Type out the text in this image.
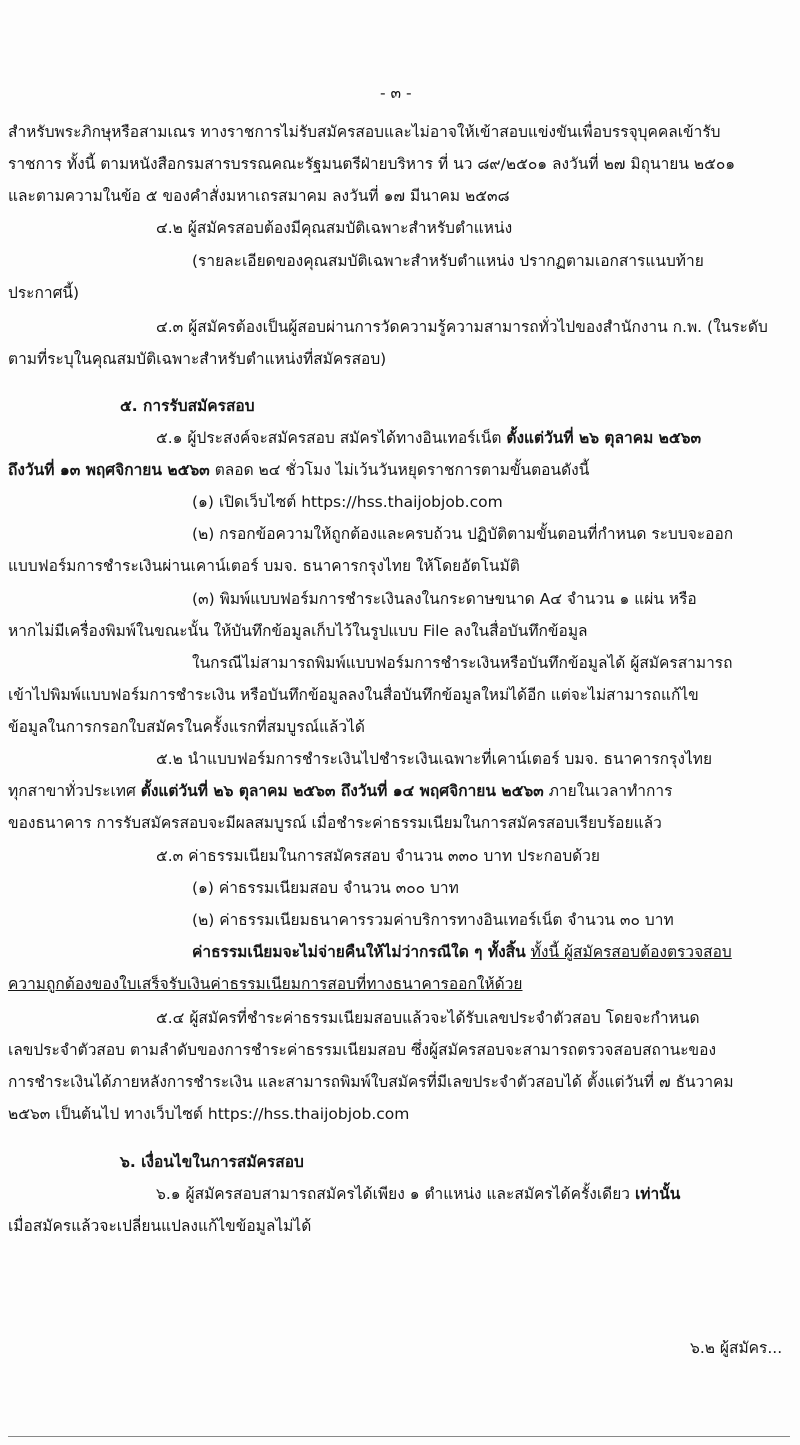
- ๓ -
สำหรับพระภิกษุหรือสามเณร ทางราชการไม่รับสมัครสอบและไม่อาจให้เข้าสอบแข่งขันเพื่อบรรจุบุคคลเข้ารับ
ราชการ ทั้งนี้ ตามหนังสือกรมสารบรรณคณะรัฐมนตรีฝ่ายบริหาร ที่ นว ๘๙/๒๕๐๑ ลงวันที่ ๒๗ มิถุนายน ๒๕๐๑
และตามความในข้อ ๕ ของคำสั่งมหาเถรสมาคม ลงวันที่ ๑๗ มีนาคม ๒๕๓๘
๔.๒ ผู้สมัครสอบต้องมีคุณสมบัติเฉพาะสำหรับตำแหน่ง
(รายละเอียดของคุณสมบัติเฉพาะสำหรับตำแหน่ง ปรากฏตามเอกสารแนบท้าย
ประกาศนี้)
๔.๓ ผู้สมัครต้องเป็นผู้สอบผ่านการวัดความรู้ความสามารถทั่วไปของสำนักงาน ก.พ. (ในระดับ
ตามที่ระบุในคุณสมบัติเฉพาะสำหรับตำแหน่งที่สมัครสอบ)
๕. การรับสมัครสอบ
๕.๑ ผู้ประสงค์จะสมัครสอบ สมัครได้ทางอินเทอร์เน็ต ตั้งแต่วันที่ ๒๖ ตุลาคม ๒๕๖๓
ถึงวันที่ ๑๓ พฤศจิกายน ๒๕๖๓ ตลอด ๒๔ ชั่วโมง ไม่เว้นวันหยุดราชการตามขั้นตอนดังนี้
(๑) เปิดเว็บไซต์ https://hss.thaijobjob.com
(๒) กรอกข้อความให้ถูกต้องและครบถ้วน ปฏิบัติตามขั้นตอนที่กำหนด ระบบจะออก
แบบฟอร์มการชำระเงินผ่านเคาน์เตอร์ บมจ. ธนาคารกรุงไทย ให้โดยอัตโนมัติ
(๓) พิมพ์แบบฟอร์มการชำระเงินลงในกระดาษขนาด A๔ จำนวน ๑ แผ่น หรือ
หากไม่มีเครื่องพิมพ์ในขณะนั้น ให้บันทึกข้อมูลเก็บไว้ในรูปแบบ File ลงในสื่อบันทึกข้อมูล
ในกรณีไม่สามารถพิมพ์แบบฟอร์มการชำระเงินหรือบันทึกข้อมูลได้ ผู้สมัครสามารถ
เข้าไปพิมพ์แบบฟอร์มการชำระเงิน หรือบันทึกข้อมูลลงในสื่อบันทึกข้อมูลใหม่ได้อีก แต่จะไม่สามารถแก้ไข
ข้อมูลในการกรอกใบสมัครในครั้งแรกที่สมบูรณ์แล้วได้
๕.๒ นำแบบฟอร์มการชำระเงินไปชำระเงินเฉพาะที่เคาน์เตอร์ บมจ. ธนาคารกรุงไทย
ทุกสาขาทั่วประเทศ ตั้งแต่วันที่ ๒๖ ตุลาคม ๒๕๖๓ ถึงวันที่ ๑๔ พฤศจิกายน ๒๕๖๓ ภายในเวลาทำการ
ของธนาคาร การรับสมัครสอบจะมีผลสมบูรณ์ เมื่อชำระค่าธรรมเนียมในการสมัครสอบเรียบร้อยแล้ว
๕.๓ ค่าธรรมเนียมในการสมัครสอบ จำนวน ๓๓๐ บาท ประกอบด้วย
(๑) ค่าธรรมเนียมสอบ จำนวน ๓๐๐ บาท
(๒) ค่าธรรมเนียมธนาคารรวมค่าบริการทางอินเทอร์เน็ต จำนวน ๓๐ บาท
ค่าธรรมเนียมจะไม่จ่ายคืนให้ไม่ว่ากรณีใด ๆ ทั้งสิ้น ทั้งนี้ ผู้สมัครสอบต้องตรวจสอบ
ความถูกต้องของใบเสร็จรับเงินค่าธรรมเนียมการสอบที่ทางธนาคารออกให้ด้วย
๕.๔ ผู้สมัครที่ชำระค่าธรรมเนียมสอบแล้วจะได้รับเลขประจำตัวสอบ โดยจะกำหนด
เลขประจำตัวสอบ ตามลำดับของการชำระค่าธรรมเนียมสอบ ซึ่งผู้สมัครสอบจะสามารถตรวจสอบสถานะของ
การชำระเงินได้ภายหลังการชำระเงิน และสามารถพิมพ์ใบสมัครที่มีเลขประจำตัวสอบได้ ตั้งแต่วันที่ ๗ ธันวาคม
๒๕๖๓ เป็นต้นไป ทางเว็บไซต์ https://hss.thaijobjob.com
๖. เงื่อนไขในการสมัครสอบ
๖.๑ ผู้สมัครสอบสามารถสมัครได้เพียง ๑ ตำแหน่ง และสมัครได้ครั้งเดียว เท่านั้น
เมื่อสมัครแล้วจะเปลี่ยนแปลงแก้ไขข้อมูลไม่ได้
๖.๒ ผู้สมัคร...
